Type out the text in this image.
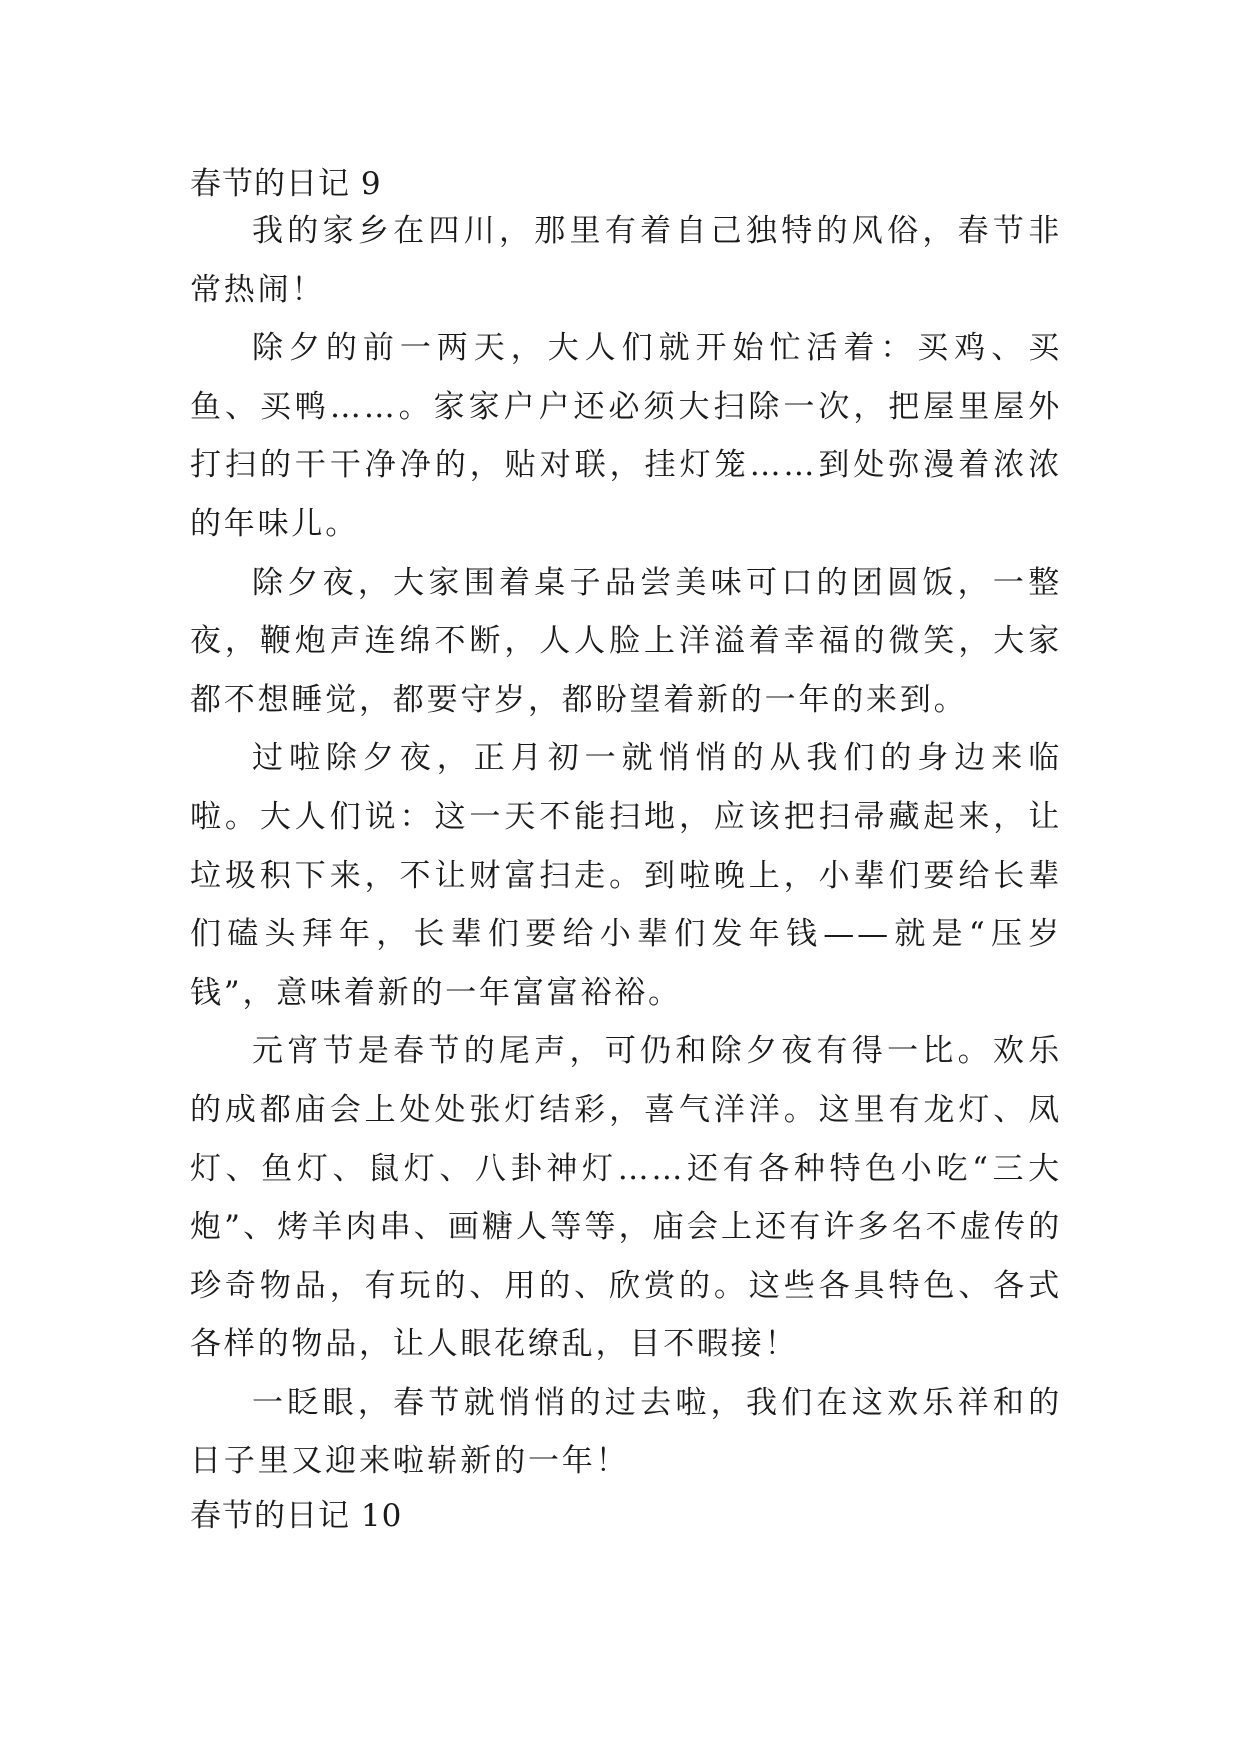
春节的日记 9

我的家乡在四川，那里有着自己独特的风俗，春节非常热闹！

除夕的前一两天，大人们就开始忙活着：买鸡、买鱼、买鸭……。家家户户还必须大扫除一次，把屋里屋外打扫的干干净净的，贴对联，挂灯笼……到处弥漫着浓浓的年味儿。

除夕夜，大家围着桌子品尝美味可口的团圆饭，一整夜，鞭炮声连绵不断，人人脸上洋溢着幸福的微笑，大家都不想睡觉，都要守岁，都盼望着新的一年的来到。

过啦除夕夜，正月初一就悄悄的从我们的身边来临啦。大人们说：这一天不能扫地，应该把扫帚藏起来，让垃圾积下来，不让财富扫走。到啦晚上，小辈们要给长辈们磕头拜年，长辈们要给小辈们发年钱——就是“压岁钱”，意味着新的一年富富裕裕。

元宵节是春节的尾声，可仍和除夕夜有得一比。欢乐的成都庙会上处处张灯结彩，喜气洋洋。这里有龙灯、凤灯、鱼灯、鼠灯、八卦神灯……还有各种特色小吃“三大炮”、烤羊肉串、画糖人等等，庙会上还有许多名不虚传的珍奇物品，有玩的、用的、欣赏的。这些各具特色、各式各样的物品，让人眼花缭乱，目不暇接！

一眨眼，春节就悄悄的过去啦，我们在这欢乐祥和的日子里又迎来啦崭新的一年！

春节的日记 10
